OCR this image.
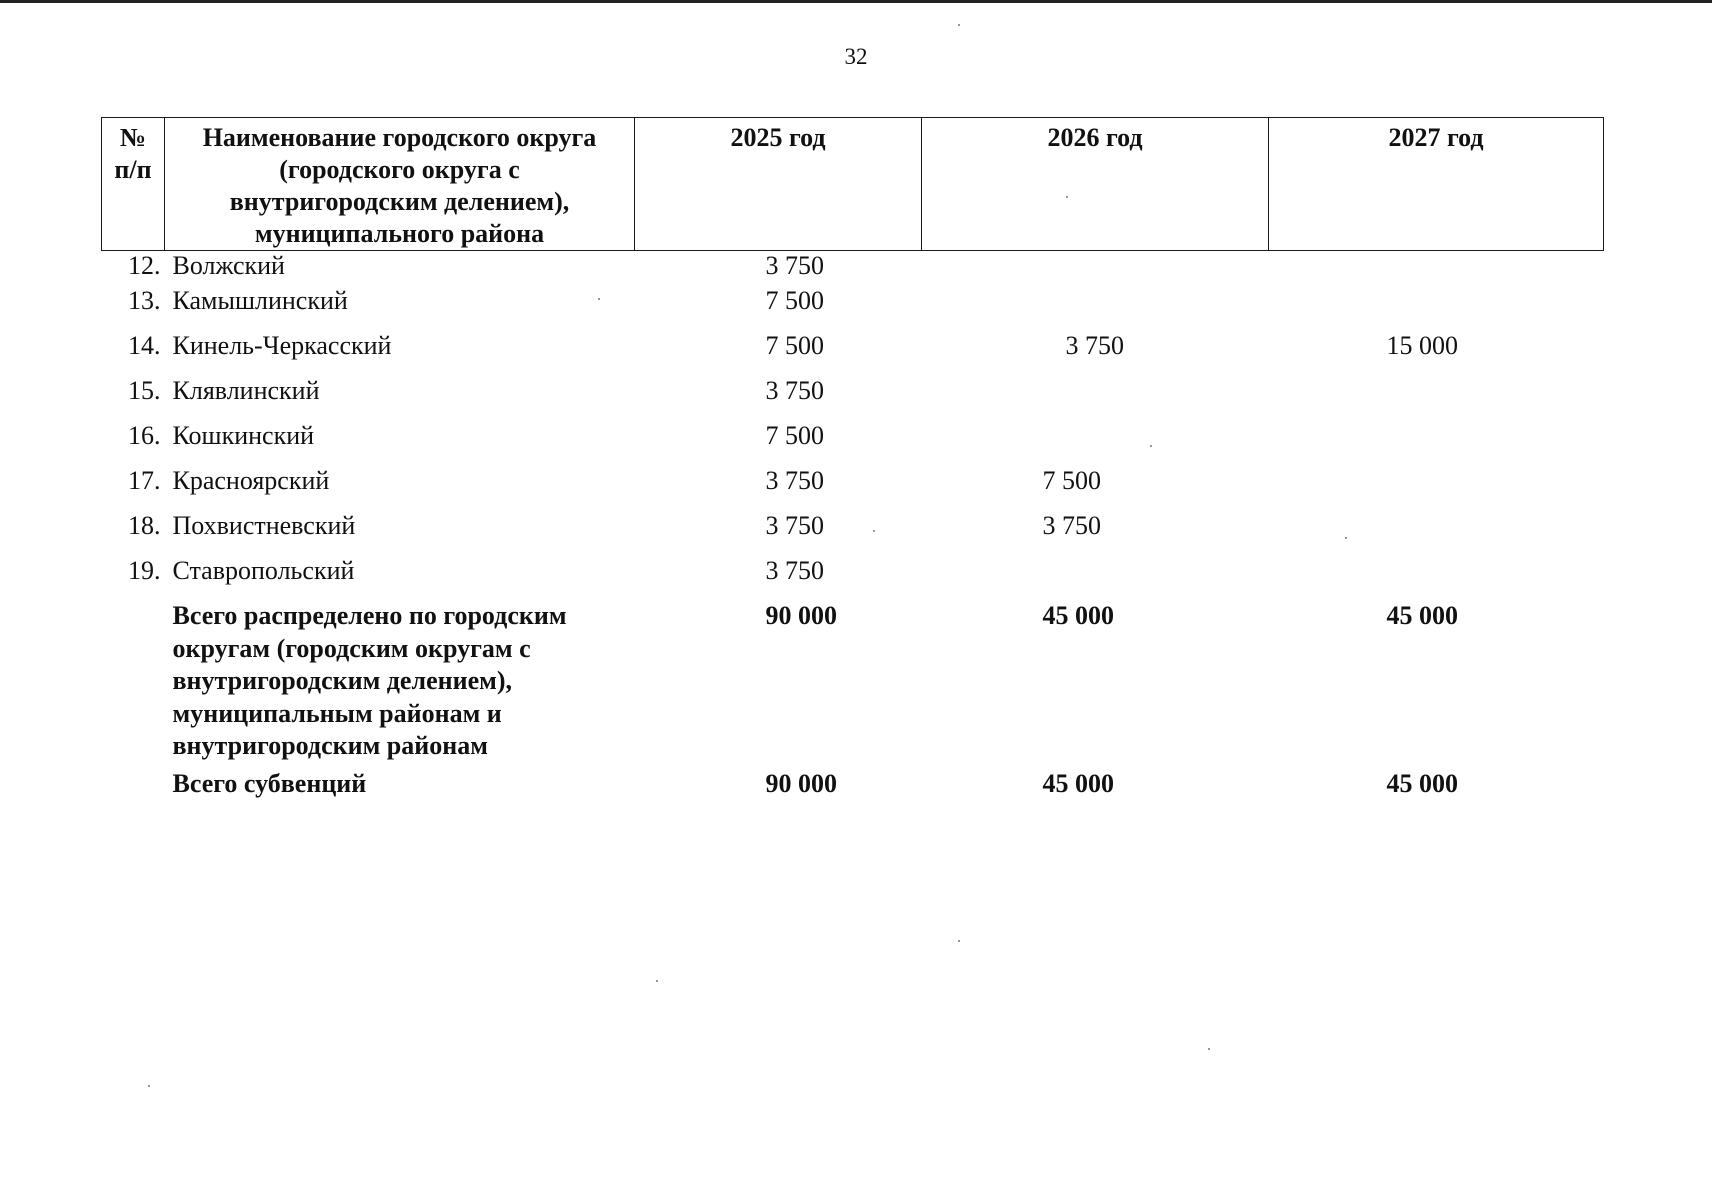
32
№ п/п	Наименование городского округа (городского округа с внутригородским делением), муниципального района	2025 год	2026 год	2027 год
12.	Волжский	3 750		
13.	Камышлинский	7 500		
14.	Кинель-Черкасский	7 500	3 750	15 000
15.	Клявлинский	3 750		
16.	Кошкинский	7 500		
17.	Красноярский	3 750	7 500	
18.	Похвистневский	3 750	3 750	
19.	Ставропольский	3 750		
	Всего распределено по городским округам (городским округам с внутригородским делением), муниципальным районам и внутригородским районам	90 000	45 000	45 000
	Всего субвенций	90 000	45 000	45 000
